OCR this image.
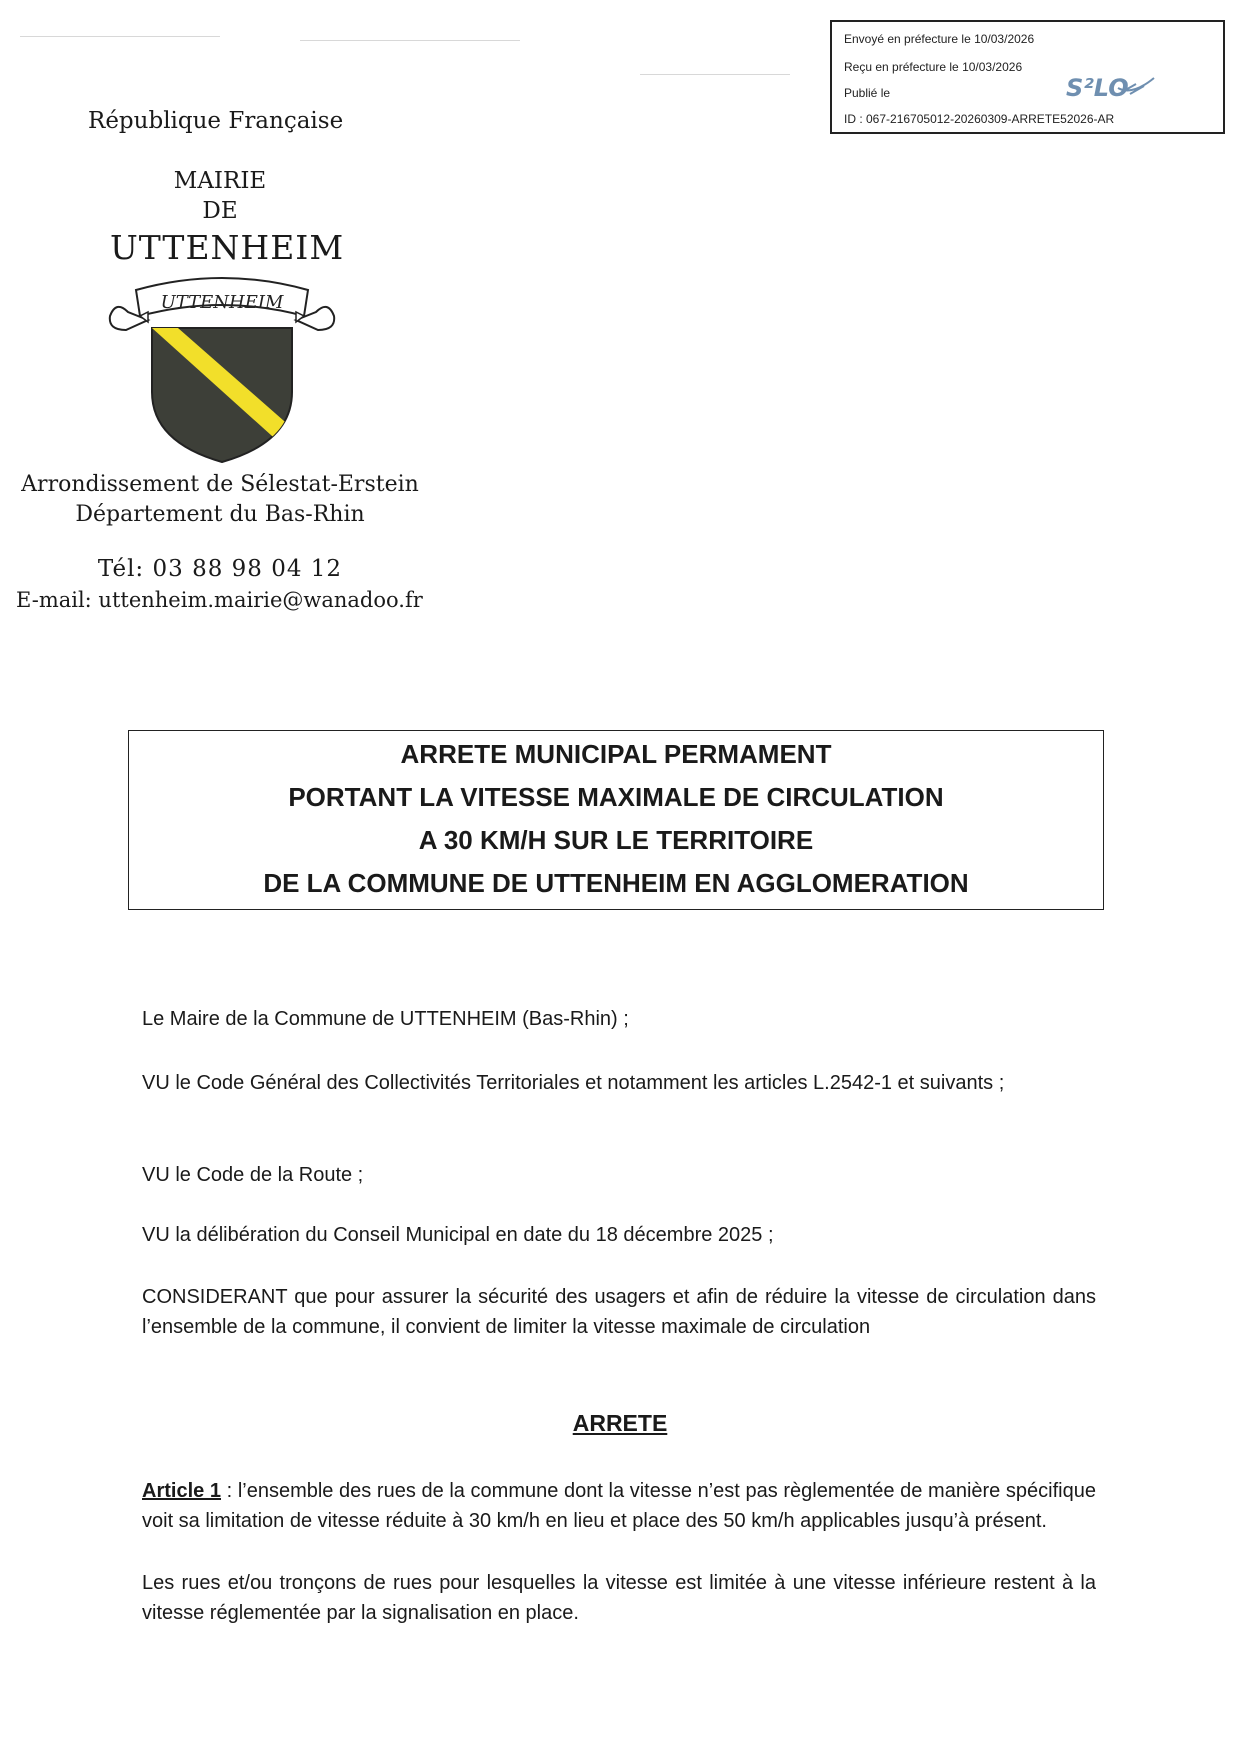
République Française
MAIRIE
DE
UTTENHEIM
UTTENHEIM
Arrondissement de Sélestat-Erstein
Département du Bas-Rhin
Tél: 03 88 98 04 12
E-mail: uttenheim.mairie@wanadoo.fr
Envoyé en préfecture le 10/03/2026
Reçu en préfecture le 10/03/2026
Publié le
ID : 067-216705012-20260309-ARRETE52026-AR
S²LO
ARRETE MUNICIPAL PERMAMENT
PORTANT LA VITESSE MAXIMALE DE CIRCULATION
A 30 KM/H SUR LE TERRITOIRE
DE LA COMMUNE DE UTTENHEIM EN AGGLOMERATION
Le Maire de la Commune de UTTENHEIM (Bas-Rhin) ;
VU le Code Général des Collectivités Territoriales et notamment les articles L.2542-1 et suivants ;
VU le Code de la Route ;
VU la délibération du Conseil Municipal en date du 18 décembre 2025 ;
CONSIDERANT que pour assurer la sécurité des usagers et afin de réduire la vitesse de circulation dans l’ensemble de la commune, il convient de limiter la vitesse maximale de circulation
ARRETE
Article 1 : l’ensemble des rues de la commune dont la vitesse n’est pas règlementée de manière spécifique voit sa limitation de vitesse réduite à 30 km/h en lieu et place des 50 km/h applicables jusqu’à présent.
Les rues et/ou tronçons de rues pour lesquelles la vitesse est limitée à une vitesse inférieure restent à la vitesse réglementée par la signalisation en place.
